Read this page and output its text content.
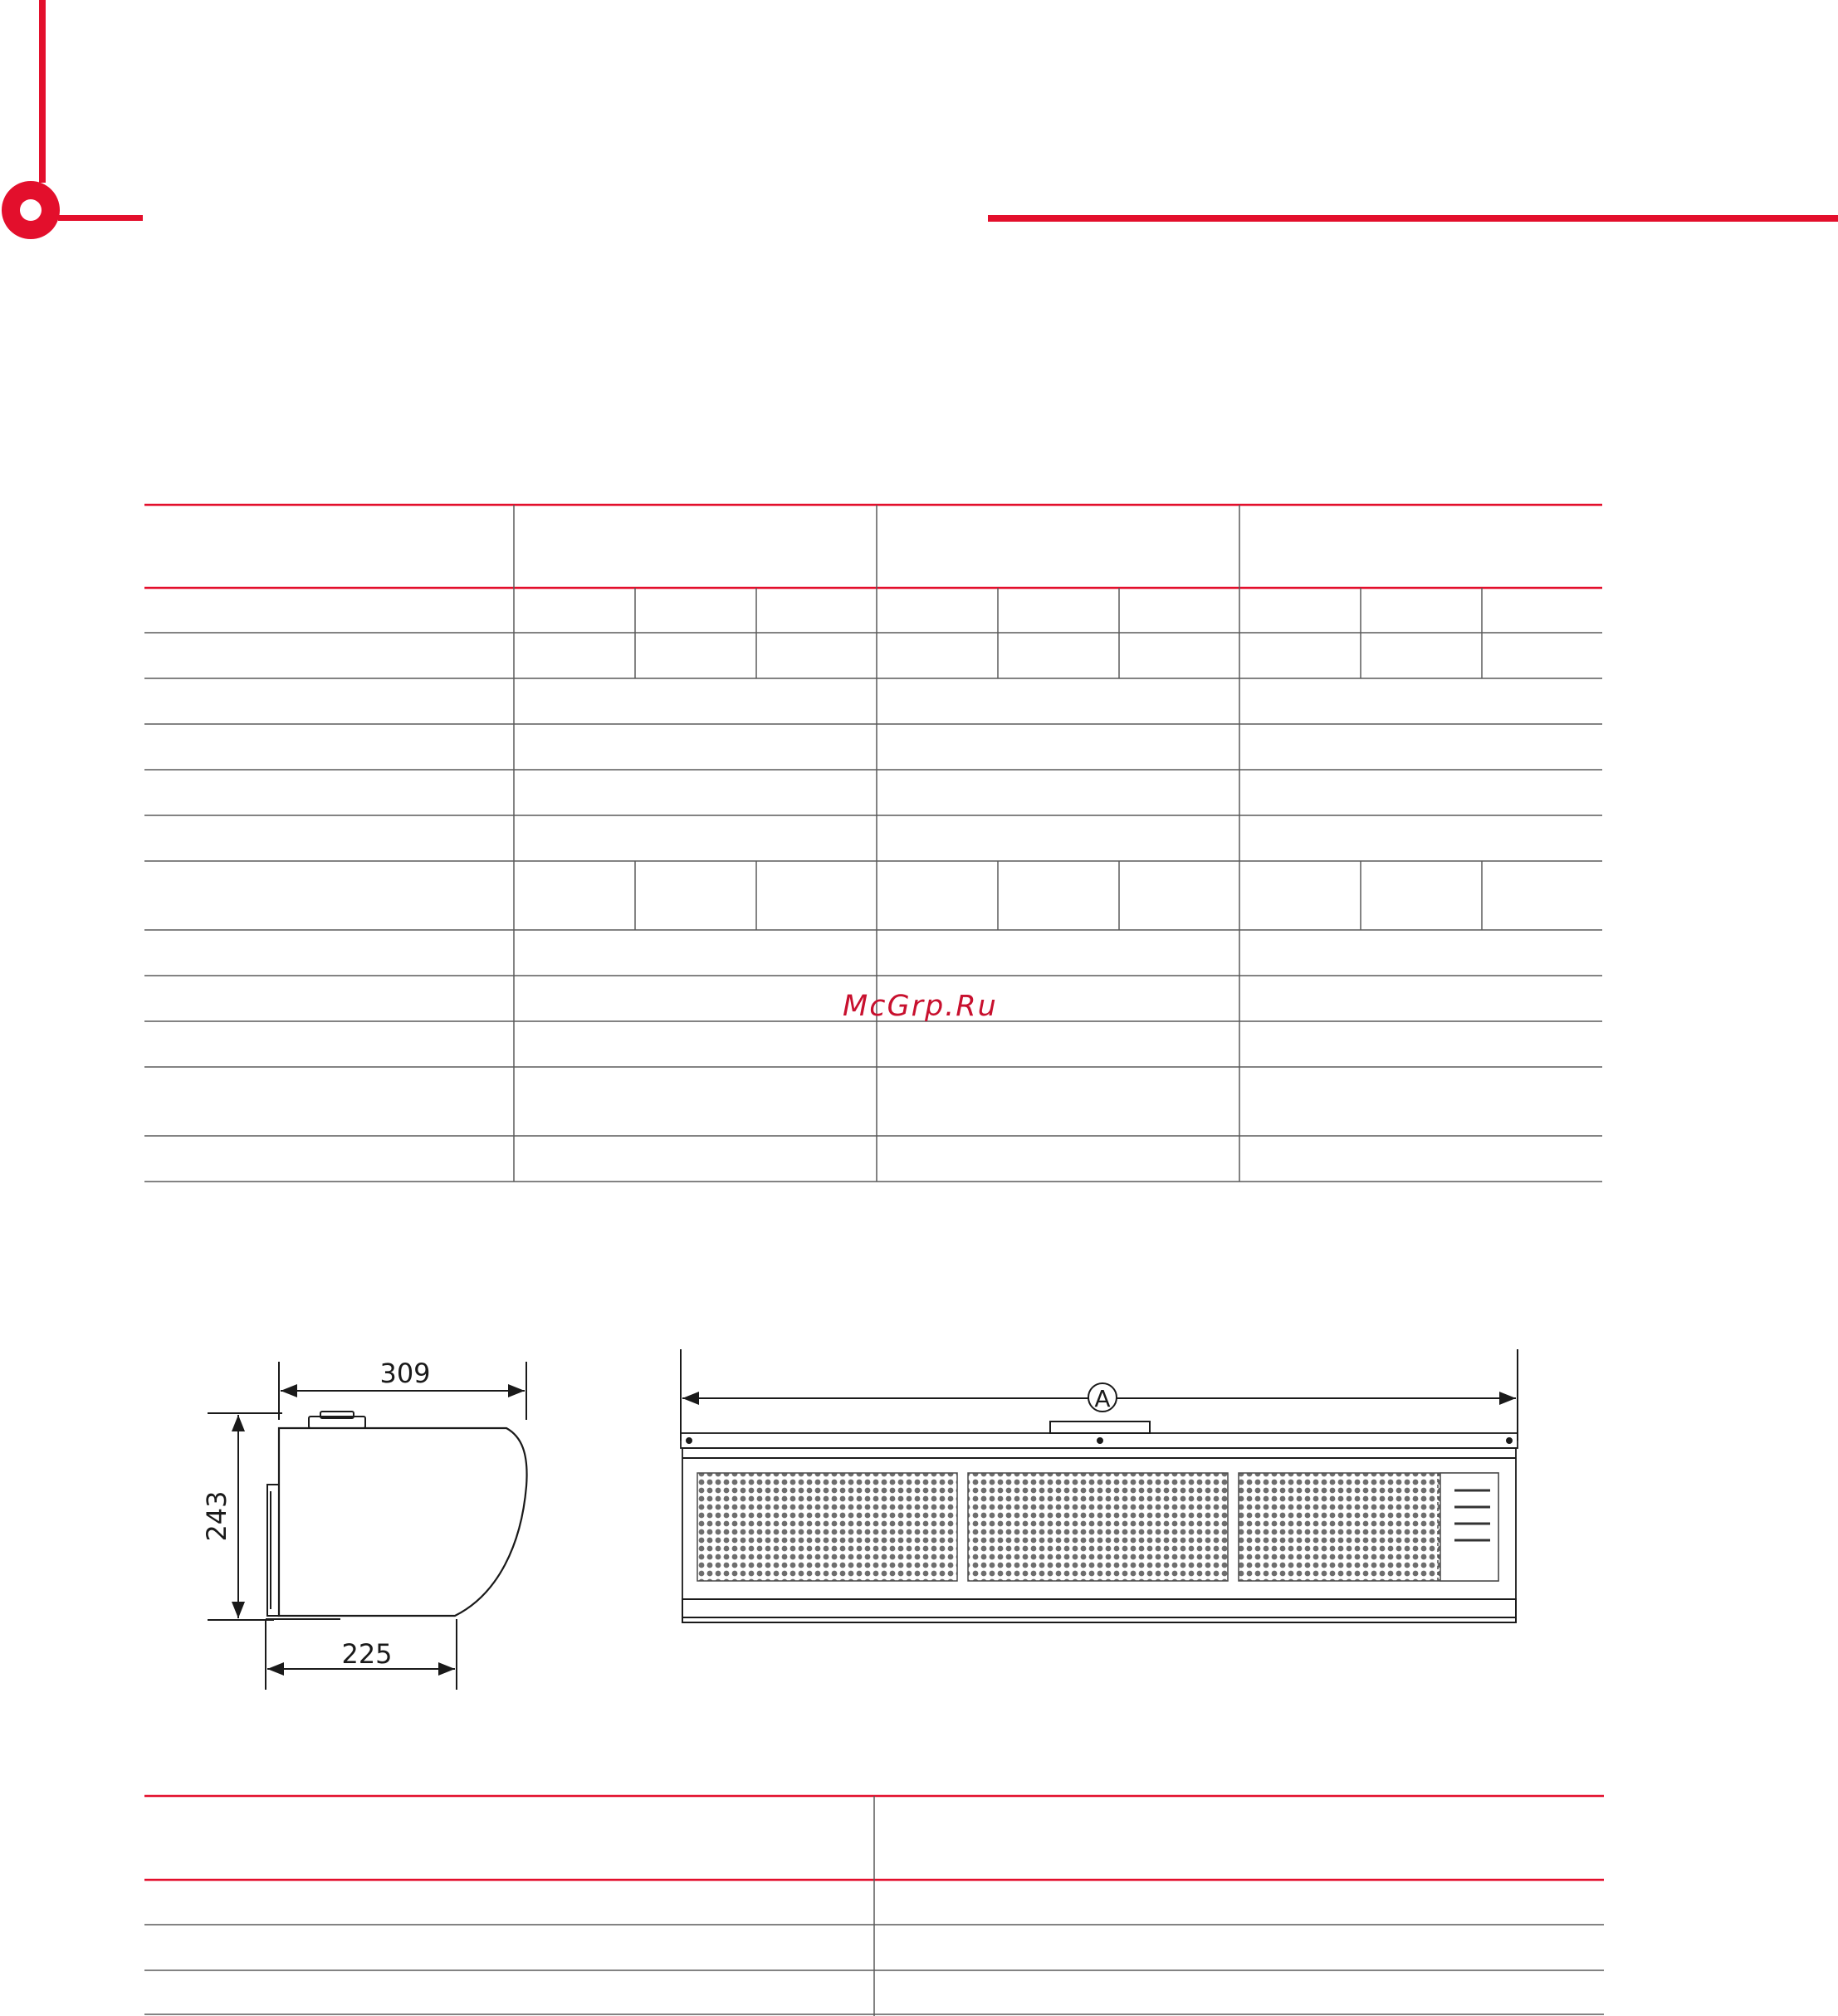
McGrp.Ru
309
243
225
A
